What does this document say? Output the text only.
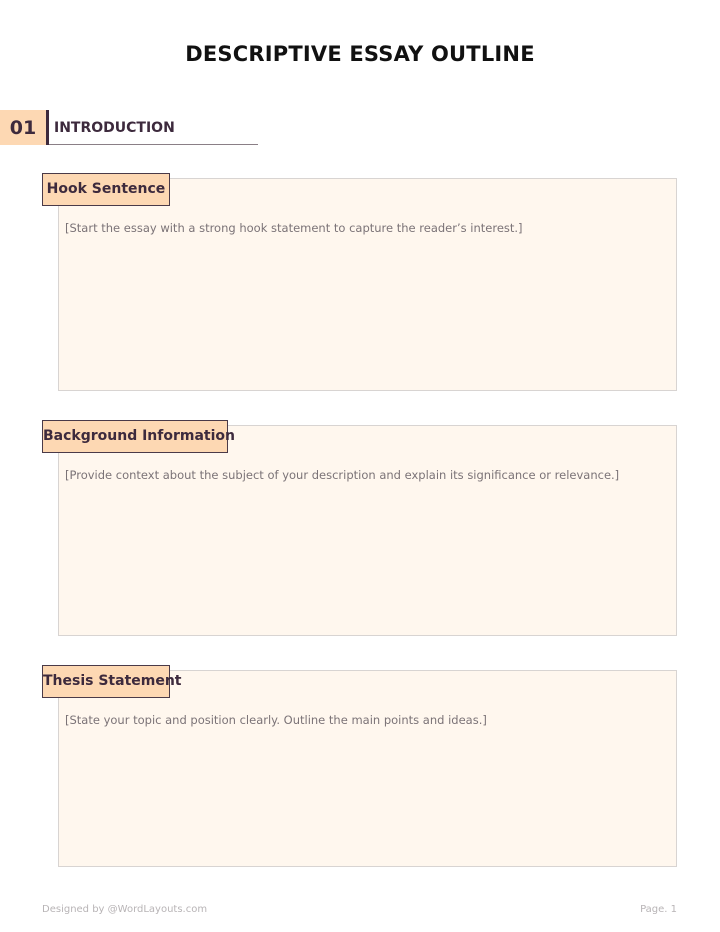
DESCRIPTIVE ESSAY OUTLINE
01	INTRODUCTION
Hook Sentence
[Start the essay with a strong hook statement to capture the reader’s interest.]
Background Information
[Provide context about the subject of your description and explain its significance or relevance.]
Thesis Statement
[State your topic and position clearly. Outline the main points and ideas.]
Designed by @WordLayouts.com	Page. 1
